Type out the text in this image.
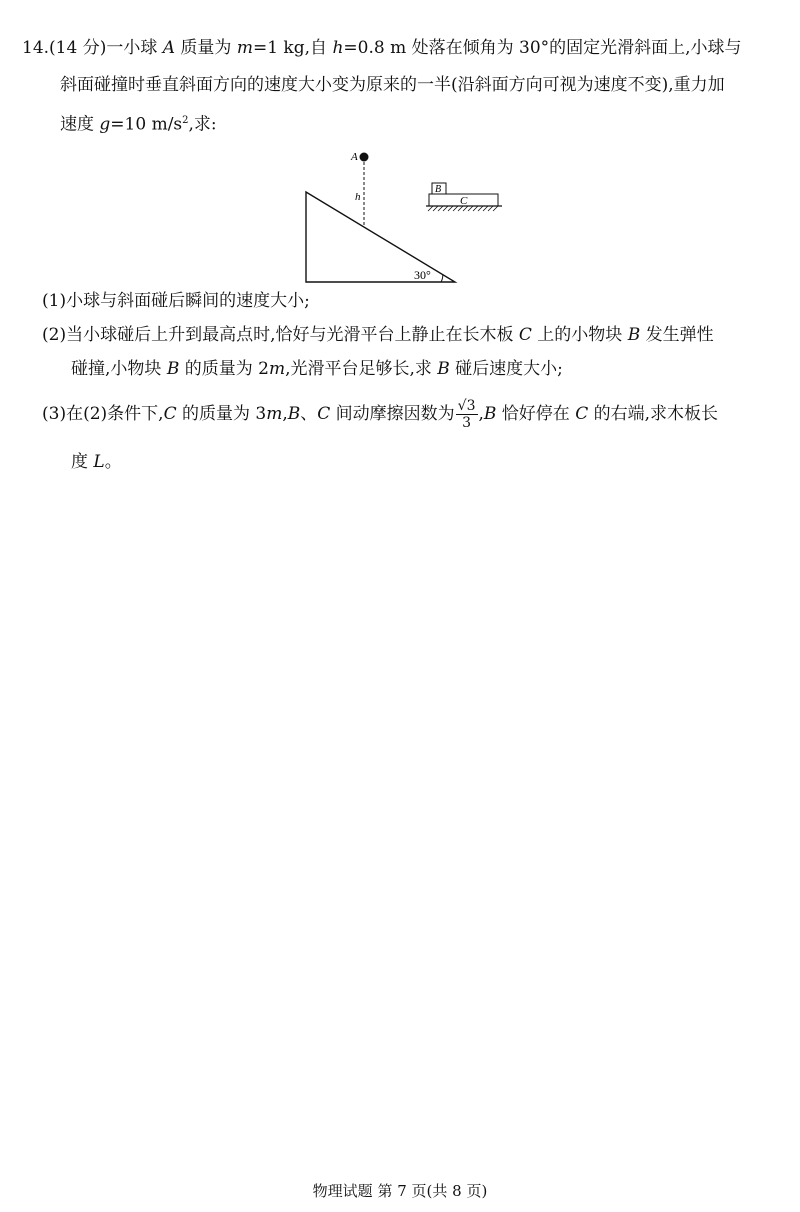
14.(14 分)一小球 A 质量为 m=1 kg,自 h=0.8 m 处落在倾角为 30°的固定光滑斜面上,小球与
斜面碰撞时垂直斜面方向的速度大小变为原来的一半(沿斜面方向可视为速度不变),重力加
速度 g=10 $m/s^2$,求:
30°
A
h	C
B
(1)小球与斜面碰后瞬间的速度大小;
(2)当小球碰后上升到最高点时,恰好与光滑平台上静止在长木板 C 上的小物块 B 发生弹性
碰撞,小物块 B 的质量为 2m,光滑平台足够长,求 B 碰后速度大小;
(3)在(2)条件下,C 的质量为 3m,B、C 间动摩擦因数为 $\frac{√3}{3} ,B$ 恰好停在 C 的右端,求木板长
度 L。
物理试题 第 7 页(共 8 页)
